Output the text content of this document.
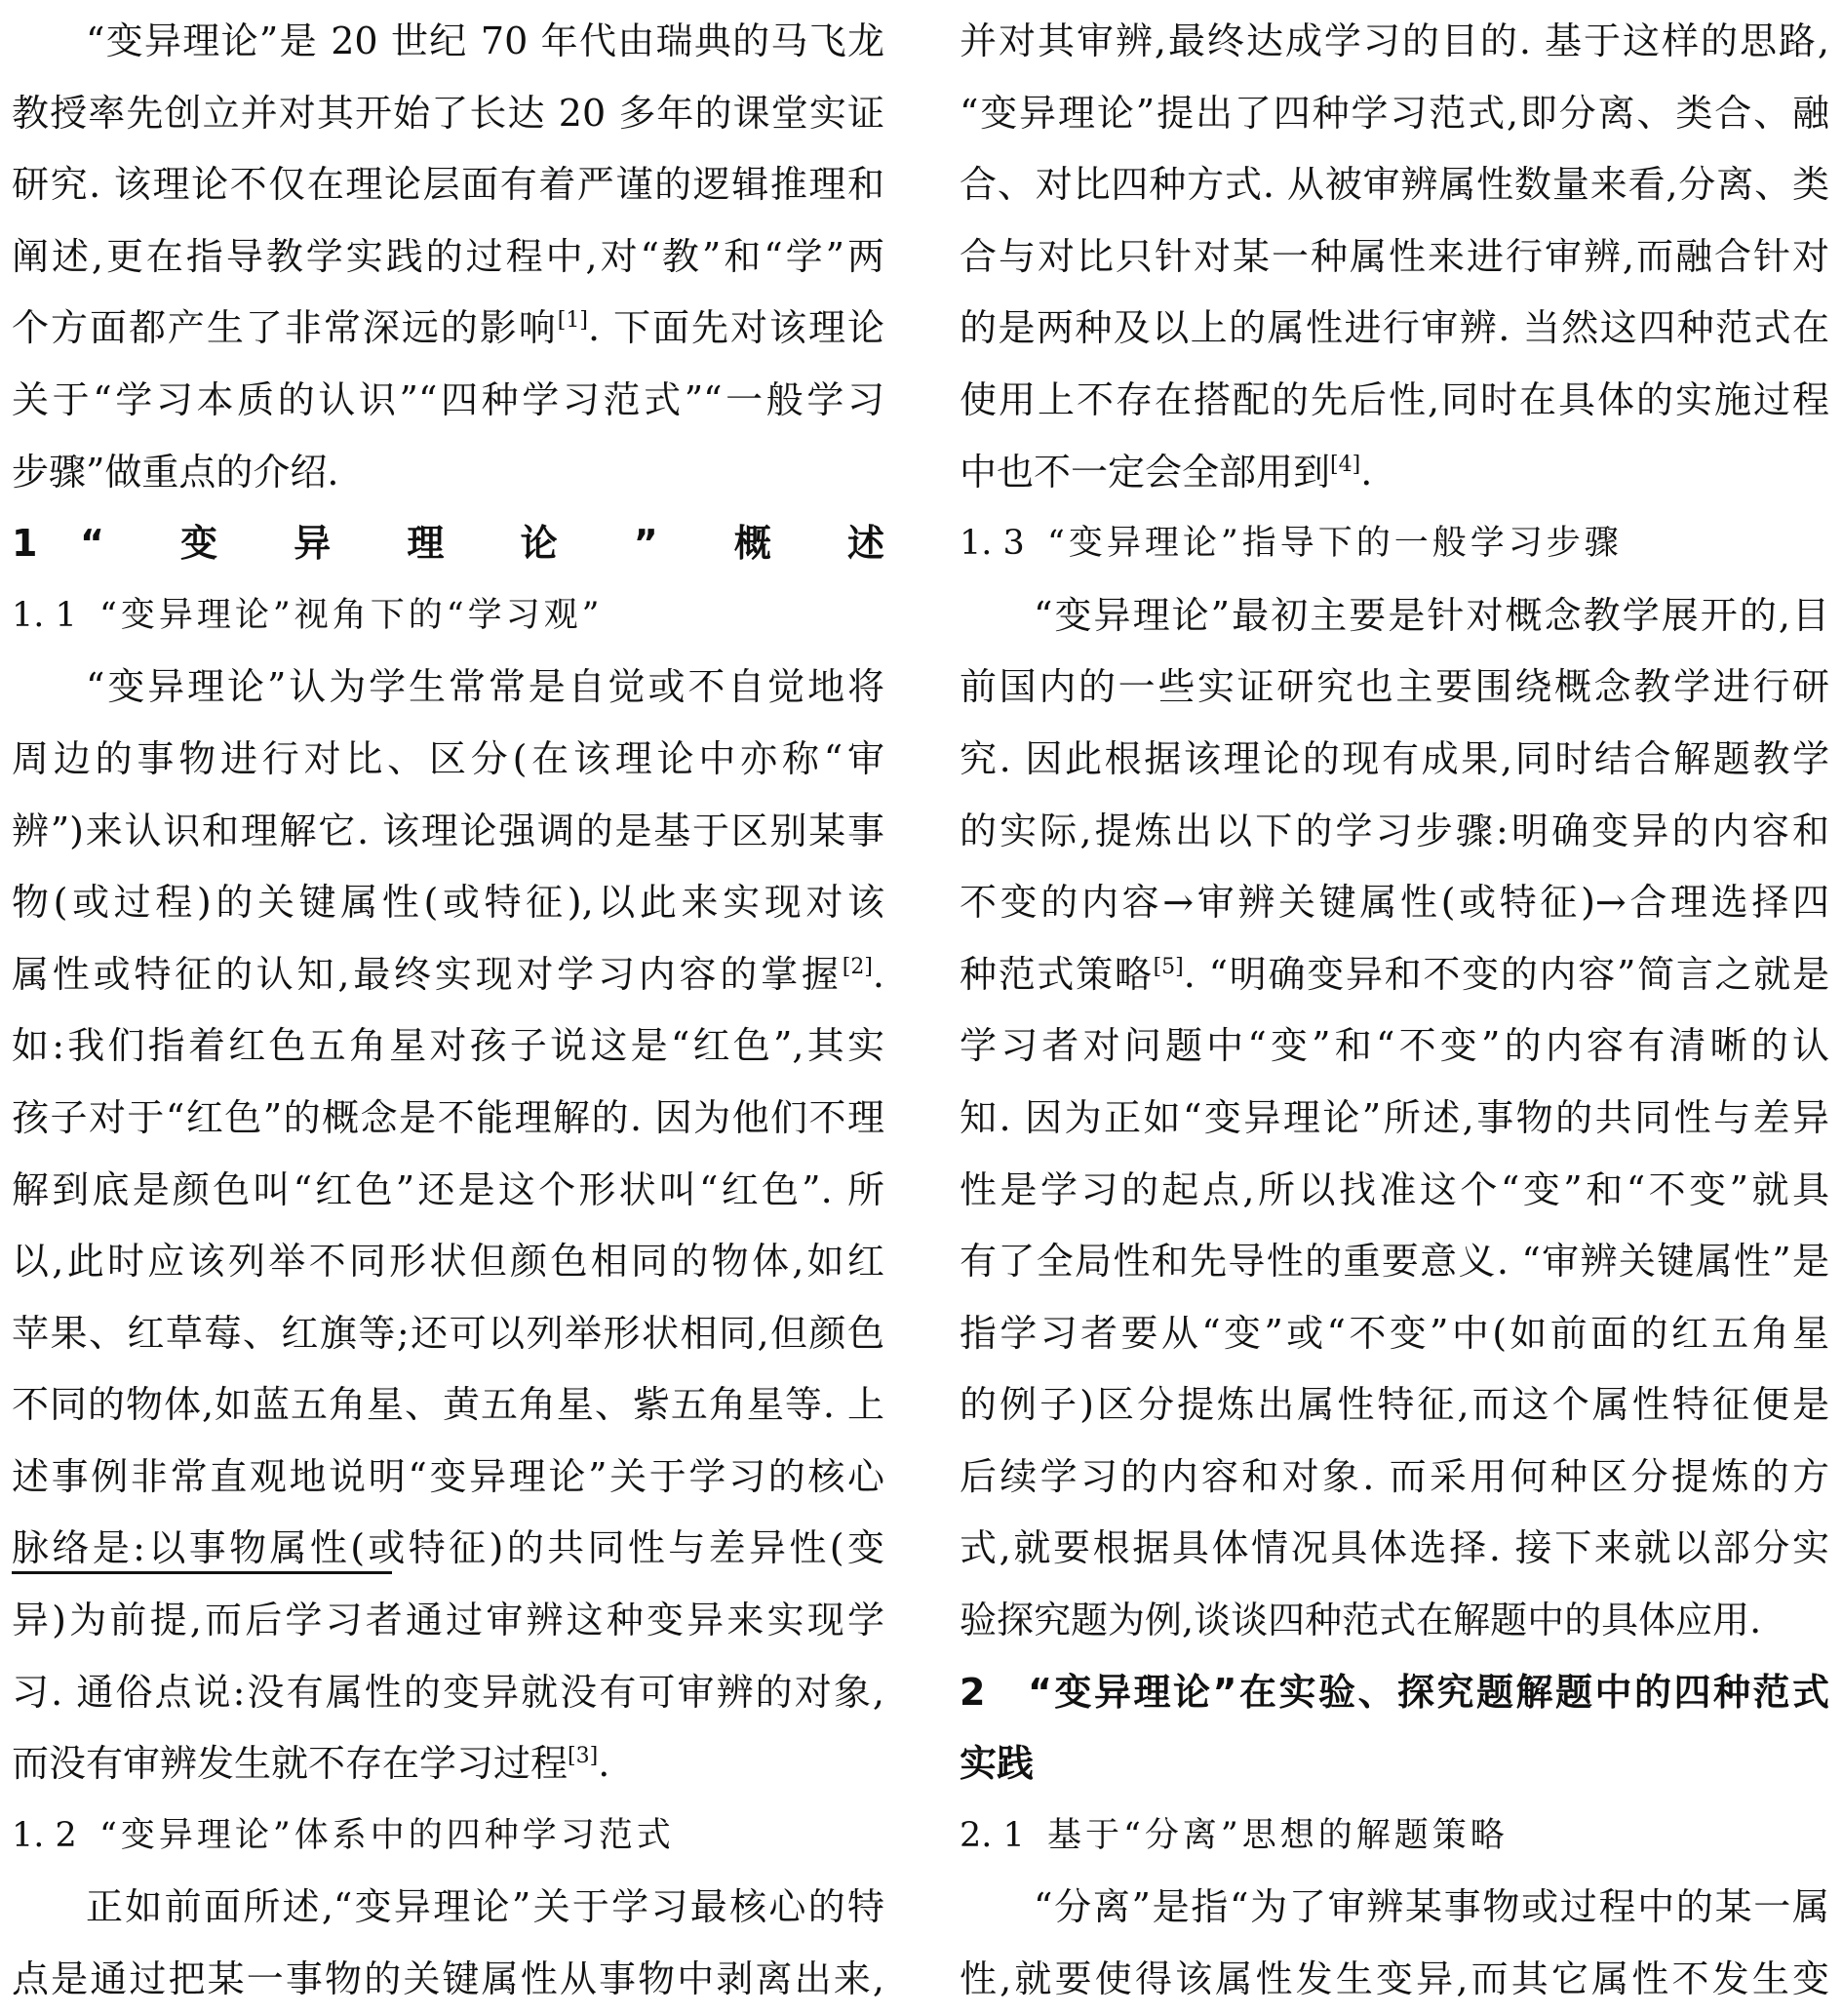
“变异理论”是 20 世纪 70 年代由瑞典的马飞龙
教授率先创立并对其开始了长达 20 多年的课堂实证
研究. 该理论不仅在理论层面有着严谨的逻辑推理和
阐述,更在指导教学实践的过程中,对“教”和“学”两
个方面都产生了非常深远的影响[1]. 下面先对该理论
关于“学习本质的认识”“四种学习范式”“一般学习
步骤”做重点的介绍.
1 “变异理论”概述
1. 1 “变异理论”视角下的“学习观”
“变异理论”认为学生常常是自觉或不自觉地将
周边的事物进行对比、区分(在该理论中亦称“审
辨”)来认识和理解它. 该理论强调的是基于区别某事
物(或过程)的关键属性(或特征),以此来实现对该
属性或特征的认知,最终实现对学习内容的掌握[2].
如:我们指着红色五角星对孩子说这是“红色”,其实
孩子对于“红色”的概念是不能理解的. 因为他们不理
解到底是颜色叫“红色”还是这个形状叫“红色”. 所
以,此时应该列举不同形状但颜色相同的物体,如红
苹果、红草莓、红旗等;还可以列举形状相同,但颜色
不同的物体,如蓝五角星、黄五角星、紫五角星等. 上
述事例非常直观地说明“变异理论”关于学习的核心
脉络是:以事物属性(或特征)的共同性与差异性(变
异)为前提,而后学习者通过审辨这种变异来实现学
习. 通俗点说:没有属性的变异就没有可审辨的对象,
而没有审辨发生就不存在学习过程[3].
1. 2 “变异理论”体系中的四种学习范式
正如前面所述,“变异理论”关于学习最核心的特
点是通过把某一事物的关键属性从事物中剥离出来,
并对其审辨,最终达成学习的目的. 基于这样的思路,
“变异理论”提出了四种学习范式,即分离、类合、融
合、对比四种方式. 从被审辨属性数量来看,分离、类
合与对比只针对某一种属性来进行审辨,而融合针对
的是两种及以上的属性进行审辨. 当然这四种范式在
使用上不存在搭配的先后性,同时在具体的实施过程
中也不一定会全部用到[4].
1. 3 “变异理论”指导下的一般学习步骤
“变异理论”最初主要是针对概念教学展开的,目
前国内的一些实证研究也主要围绕概念教学进行研
究. 因此根据该理论的现有成果,同时结合解题教学
的实际,提炼出以下的学习步骤:明确变异的内容和
不变的内容→审辨关键属性(或特征)→合理选择四
种范式策略[5]. “明确变异和不变的内容”简言之就是
学习者对问题中“变”和“不变”的内容有清晰的认
知. 因为正如“变异理论”所述,事物的共同性与差异
性是学习的起点,所以找准这个“变”和“不变”就具
有了全局性和先导性的重要意义. “审辨关键属性”是
指学习者要从“变”或“不变”中(如前面的红五角星
的例子)区分提炼出属性特征,而这个属性特征便是
后续学习的内容和对象. 而采用何种区分提炼的方
式,就要根据具体情况具体选择. 接下来就以部分实
验探究题为例,谈谈四种范式在解题中的具体应用.
2 “变异理论”在实验、探究题解题中的四种范式
实践
2. 1 基于“分离”思想的解题策略
“分离”是指“为了审辨某事物或过程中的某一属
性,就要使得该属性发生变异,而其它属性不发生变
